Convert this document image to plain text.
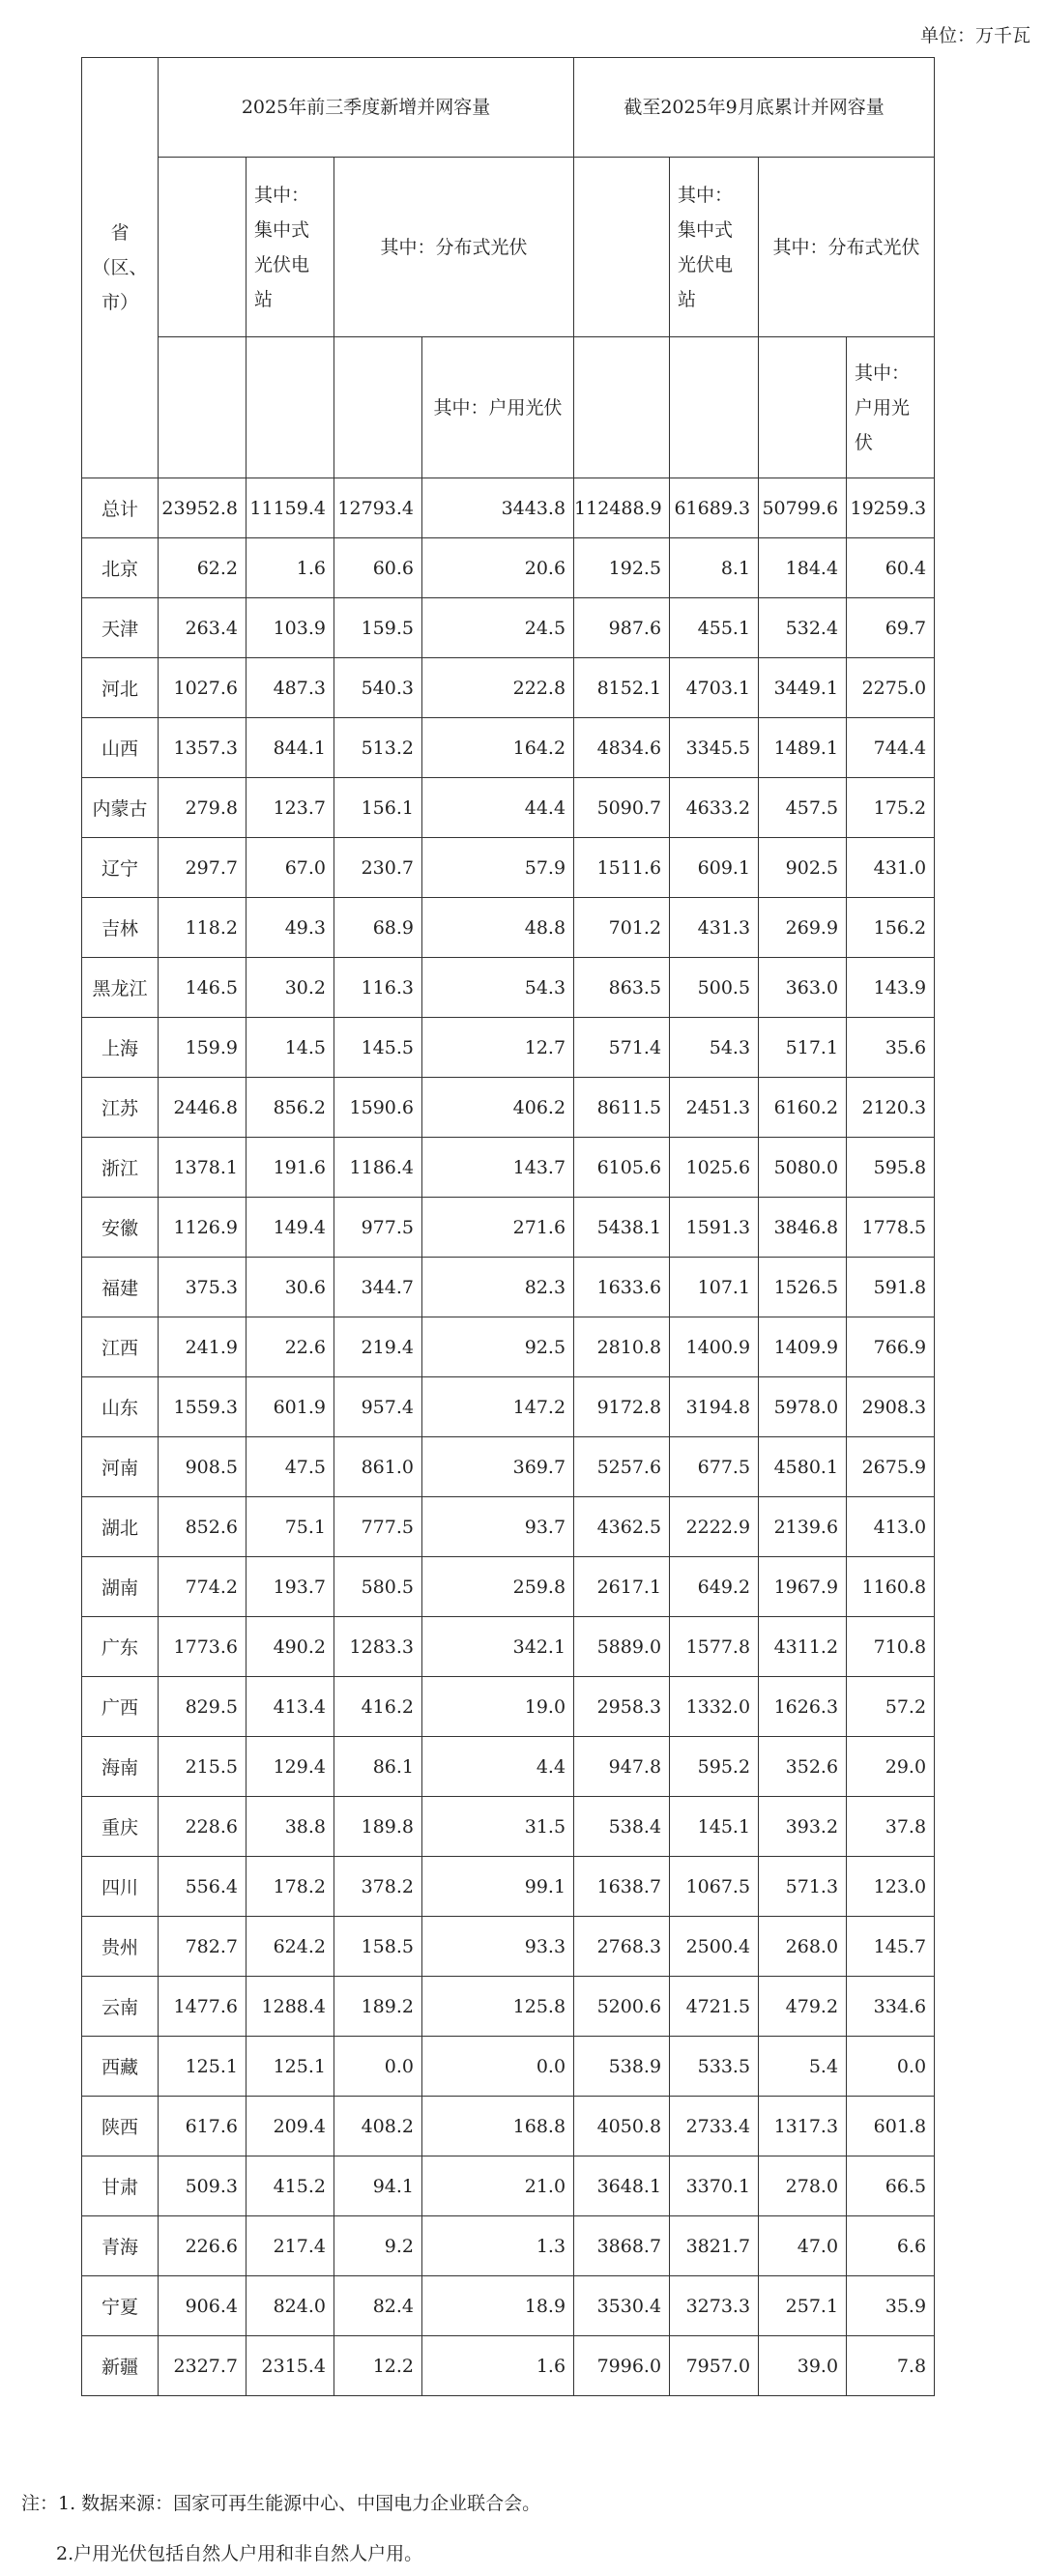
单位：万千瓦
省
（区、
市）	2025年前三季度新增并网容量				截至2025年9月底累计并网容量			
		其中：
集中式
光伏电
站	其中：分布式光伏			其中：
集中式
光伏电
站	其中：分布式光伏	
				其中：户用光伏				其中：
户用光
伏
总计	23952.8	11159.4	12793.4	3443.8	112488.9	61689.3	50799.6	19259.3
北京	62.2	1.6	60.6	20.6	192.5	8.1	184.4	60.4
天津	263.4	103.9	159.5	24.5	987.6	455.1	532.4	69.7
河北	1027.6	487.3	540.3	222.8	8152.1	4703.1	3449.1	2275.0
山西	1357.3	844.1	513.2	164.2	4834.6	3345.5	1489.1	744.4
内蒙古	279.8	123.7	156.1	44.4	5090.7	4633.2	457.5	175.2
辽宁	297.7	67.0	230.7	57.9	1511.6	609.1	902.5	431.0
吉林	118.2	49.3	68.9	48.8	701.2	431.3	269.9	156.2
黑龙江	146.5	30.2	116.3	54.3	863.5	500.5	363.0	143.9
上海	159.9	14.5	145.5	12.7	571.4	54.3	517.1	35.6
江苏	2446.8	856.2	1590.6	406.2	8611.5	2451.3	6160.2	2120.3
浙江	1378.1	191.6	1186.4	143.7	6105.6	1025.6	5080.0	595.8
安徽	1126.9	149.4	977.5	271.6	5438.1	1591.3	3846.8	1778.5
福建	375.3	30.6	344.7	82.3	1633.6	107.1	1526.5	591.8
江西	241.9	22.6	219.4	92.5	2810.8	1400.9	1409.9	766.9
山东	1559.3	601.9	957.4	147.2	9172.8	3194.8	5978.0	2908.3
河南	908.5	47.5	861.0	369.7	5257.6	677.5	4580.1	2675.9
湖北	852.6	75.1	777.5	93.7	4362.5	2222.9	2139.6	413.0
湖南	774.2	193.7	580.5	259.8	2617.1	649.2	1967.9	1160.8
广东	1773.6	490.2	1283.3	342.1	5889.0	1577.8	4311.2	710.8
广西	829.5	413.4	416.2	19.0	2958.3	1332.0	1626.3	57.2
海南	215.5	129.4	86.1	4.4	947.8	595.2	352.6	29.0
重庆	228.6	38.8	189.8	31.5	538.4	145.1	393.2	37.8
四川	556.4	178.2	378.2	99.1	1638.7	1067.5	571.3	123.0
贵州	782.7	624.2	158.5	93.3	2768.3	2500.4	268.0	145.7
云南	1477.6	1288.4	189.2	125.8	5200.6	4721.5	479.2	334.6
西藏	125.1	125.1	0.0	0.0	538.9	533.5	5.4	0.0
陕西	617.6	209.4	408.2	168.8	4050.8	2733.4	1317.3	601.8
甘肃	509.3	415.2	94.1	21.0	3648.1	3370.1	278.0	66.5
青海	226.6	217.4	9.2	1.3	3868.7	3821.7	47.0	6.6
宁夏	906.4	824.0	82.4	18.9	3530.4	3273.3	257.1	35.9
新疆	2327.7	2315.4	12.2	1.6	7996.0	7957.0	39.0	7.8
注：1. 数据来源：国家可再生能源中心、中国电力企业联合会。
2.户用光伏包括自然人户用和非自然人户用。
